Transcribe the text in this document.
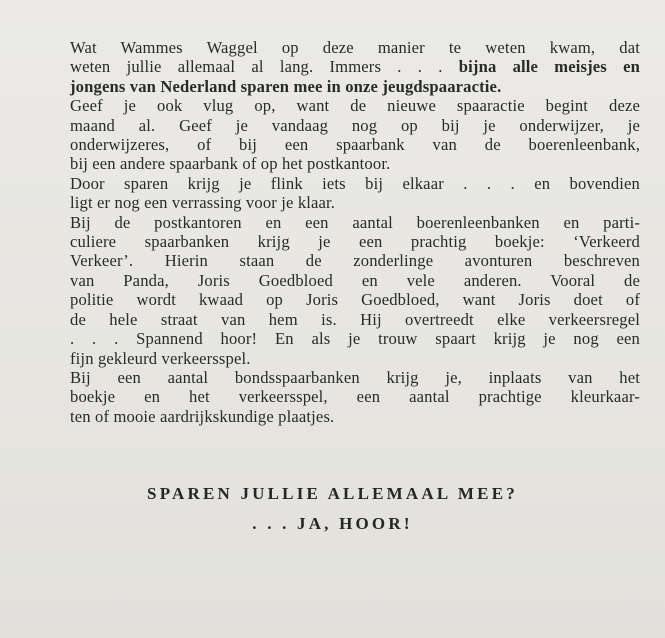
Wat Wammes Waggel op deze manier te weten kwam, dat
weten jullie allemaal al lang. Immers . . . bijna alle meisjes en
jongens van Nederland sparen mee in onze jeugdspaaractie.
Geef je ook vlug op, want de nieuwe spaaractie begint deze
maand al. Geef je vandaag nog op bij je onderwijzer, je
onderwijzeres, of bij een spaarbank van de boerenleenbank,
bij een andere spaarbank of op het postkantoor.
Door sparen krijg je flink iets bij elkaar . . . en bovendien
ligt er nog een verrassing voor je klaar.
Bij de postkantoren en een aantal boerenleenbanken en parti-
culiere spaarbanken krijg je een prachtig boekje: ‘Verkeerd
Verkeer’. Hierin staan de zonderlinge avonturen beschreven
van Panda, Joris Goedbloed en vele anderen. Vooral de
politie wordt kwaad op Joris Goedbloed, want Joris doet of
de hele straat van hem is. Hij overtreedt elke verkeersregel
. . . Spannend hoor! En als je trouw spaart krijg je nog een
fijn gekleurd verkeersspel.
Bij een aantal bondsspaarbanken krijg je, inplaats van het
boekje en het verkeersspel, een aantal prachtige kleurkaar-
ten of mooie aardrijkskundige plaatjes.
SPAREN JULLIE ALLEMAAL MEE?
. . . JA, HOOR!
